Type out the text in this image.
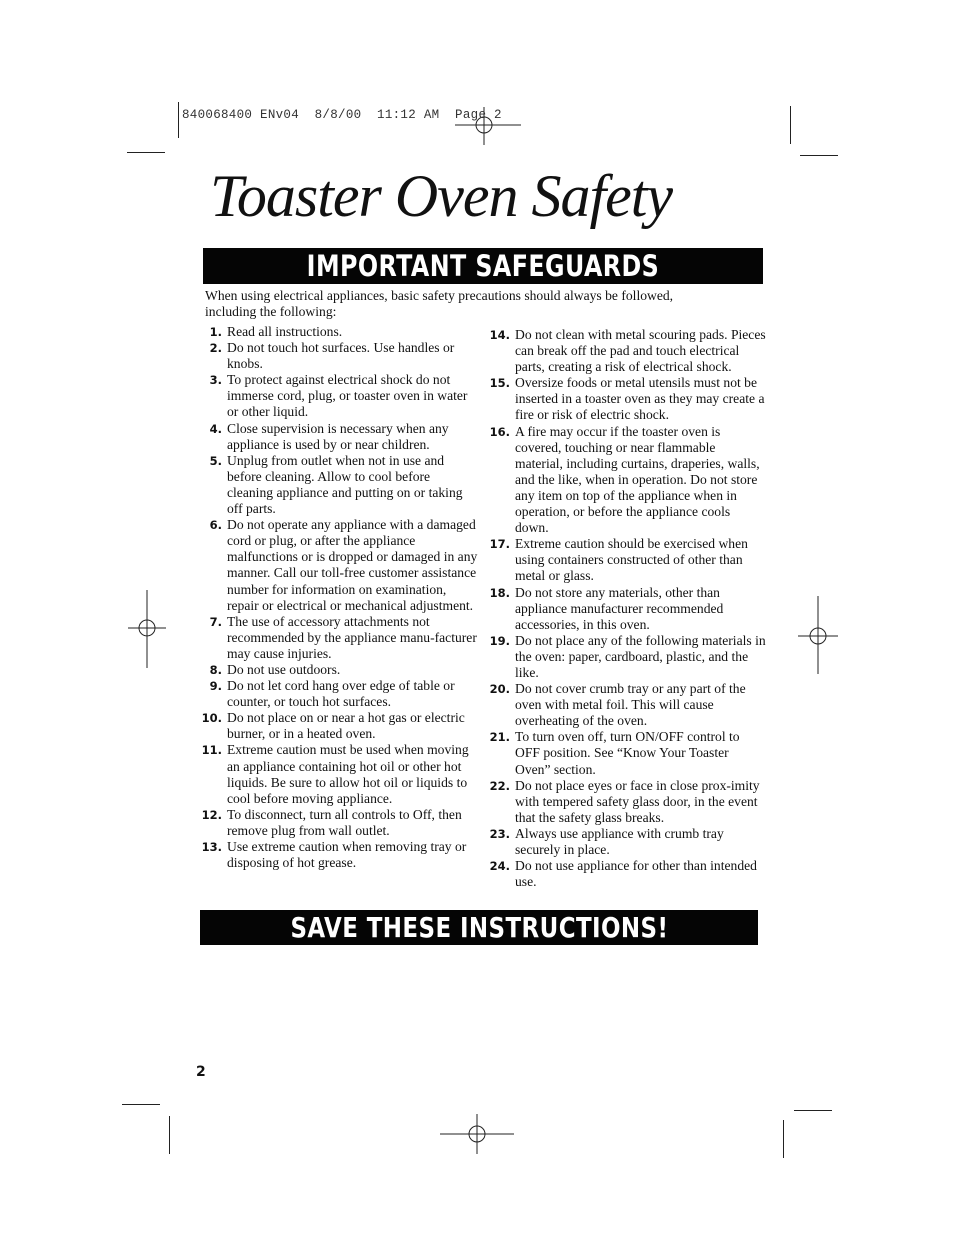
840068400 ENv04  8/8/00  11:12 AM  Page 2
Toaster Oven Safety
IMPORTANT SAFEGUARDS
When using electrical appliances, basic safety precautions should always be followed, including the following:
1. Read all instructions.
2. Do not touch hot surfaces. Use handles or knobs.
3. To protect against electrical shock do not immerse cord, plug, or toaster oven in water or other liquid.
4. Close supervision is necessary when any appliance is used by or near children.
5. Unplug from outlet when not in use and before cleaning. Allow to cool before cleaning appliance and putting on or taking off parts.
6. Do not operate any appliance with a damaged cord or plug, or after the appliance malfunctions or is dropped or damaged in any manner. Call our toll-free customer assistance number for information on examination, repair or electrical or mechanical adjustment.
7. The use of accessory attachments not recommended by the appliance manu-facturer may cause injuries.
8. Do not use outdoors.
9. Do not let cord hang over edge of table or counter, or touch hot surfaces.
10. Do not place on or near a hot gas or electric burner, or in a heated oven.
11. Extreme caution must be used when moving an appliance containing hot oil or other hot liquids. Be sure to allow hot oil or liquids to cool before moving appliance.
12. To disconnect, turn all controls to Off, then remove plug from wall outlet.
13. Use extreme caution when removing tray or disposing of hot grease.
14. Do not clean with metal scouring pads. Pieces can break off the pad and touch electrical parts, creating a risk of electrical shock.
15. Oversize foods or metal utensils must not be inserted in a toaster oven as they may create a fire or risk of electric shock.
16. A fire may occur if the toaster oven is covered, touching or near flammable material, including curtains, draperies, walls, and the like, when in operation. Do not store any item on top of the appliance when in operation, or before the appliance cools down.
17. Extreme caution should be exercised when using containers constructed of other than metal or glass.
18. Do not store any materials, other than appliance manufacturer recommended accessories, in this oven.
19. Do not place any of the following materials in the oven: paper, cardboard, plastic, and the like.
20. Do not cover crumb tray or any part of the oven with metal foil. This will cause overheating of the oven.
21. To turn oven off, turn ON/OFF control to OFF position. See “Know Your Toaster Oven” section.
22. Do not place eyes or face in close prox-imity with tempered safety glass door, in the event that the safety glass breaks.
23. Always use appliance with crumb tray securely in place.
24. Do not use appliance for other than intended use.
SAVE THESE INSTRUCTIONS!
2
